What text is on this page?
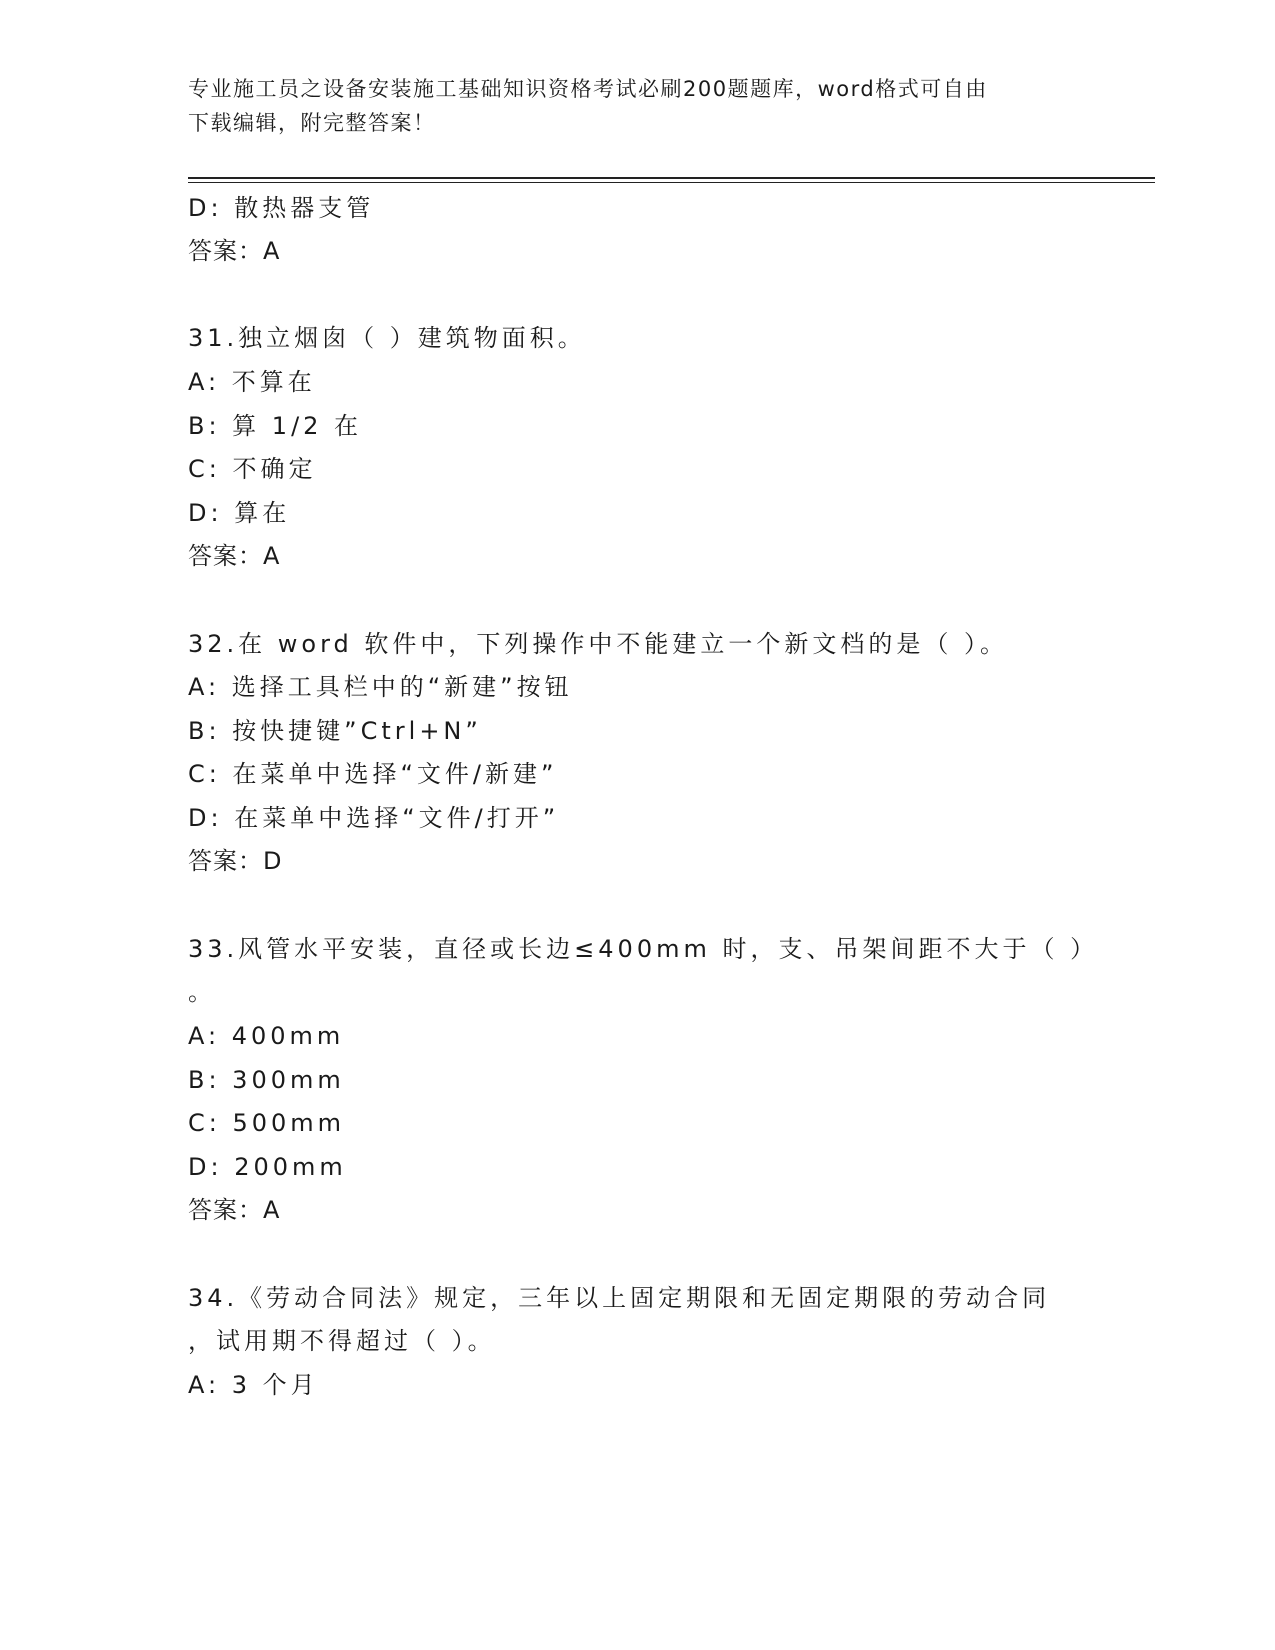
专业施工员之设备安装施工基础知识资格考试必刷200题题库，word格式可自由
下载编辑，附完整答案！
D: 散热器支管
答案：A
31.独立烟囱（ ）建筑物面积。
A: 不算在
B: 算 1/2 在
C: 不确定
D: 算在
答案：A
32.在 word 软件中，下列操作中不能建立一个新文档的是（ ）。
A: 选择工具栏中的“新建”按钮
B: 按快捷键”Ctrl+N”
C: 在菜单中选择“文件/新建”
D: 在菜单中选择“文件/打开”
答案：D
33.风管水平安装，直径或长边≤400mm 时，支、吊架间距不大于（ ）
。
A: 400mm
B: 300mm
C: 500mm
D: 200mm
答案：A
34.《劳动合同法》规定，三年以上固定期限和无固定期限的劳动合同
，试用期不得超过（ ）。
A: 3 个月
